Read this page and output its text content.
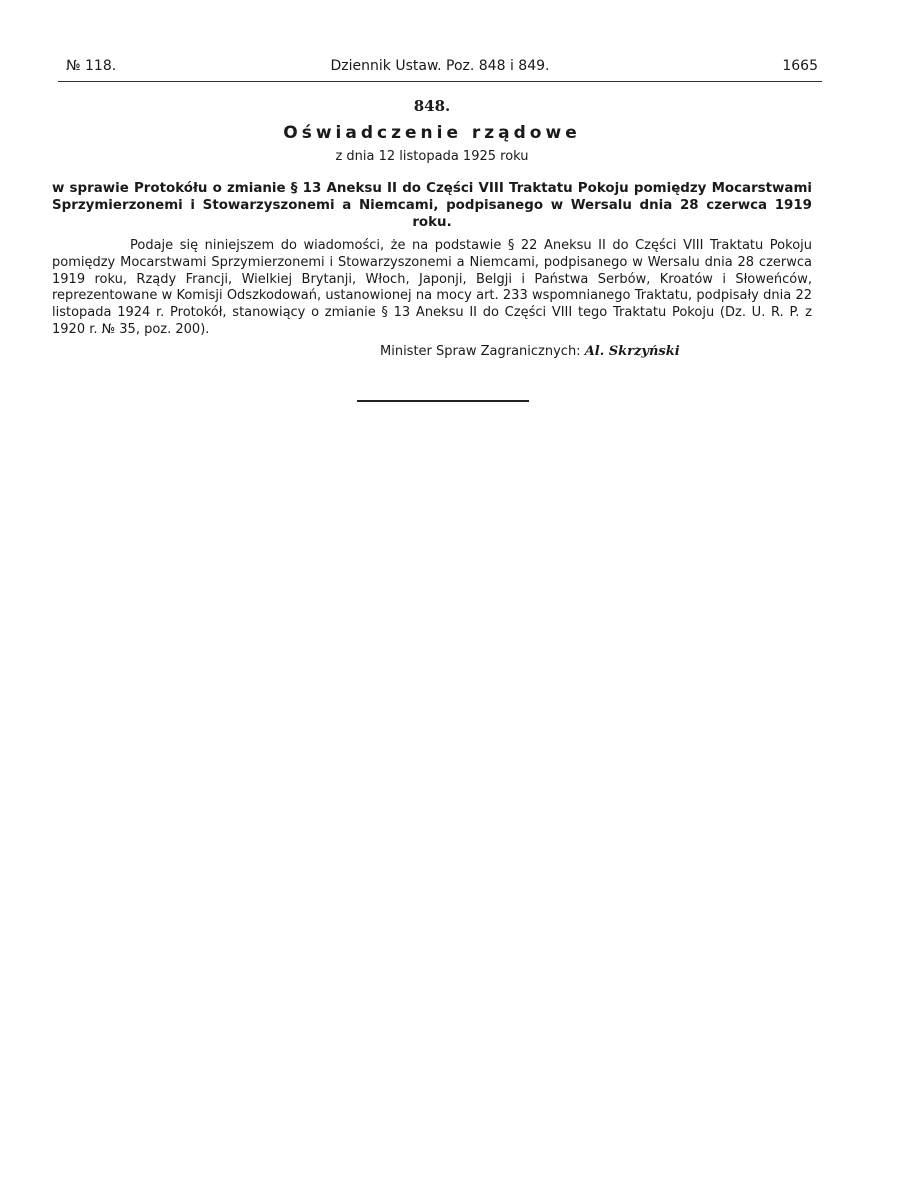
№ 118.	Dziennik Ustaw. Poz. 848 i 849.	1665

848.

Oświadczenie rządowe

z dnia 12 listopada 1925 roku

w sprawie Protokółu o zmianie § 13 Aneksu II do Części VIII Traktatu Pokoju pomiędzy Mocarstwami Sprzymierzonemi i Stowarzyszonemi a Niemcami, podpisanego w Wersalu dnia 28 czerwca 1919 roku.

Podaje się niniejszem do wiadomości, że na podstawie § 22 Aneksu II do Części VIII Traktatu Pokoju pomiędzy Mocarstwami Sprzymierzonemi i Stowarzyszonemi a Niemcami, podpisanego w Wersalu dnia 28 czerwca 1919 roku, Rządy Francji, Wielkiej Brytanji, Włoch, Japonji, Belgji i Państwa Serbów, Kroatów i Słoweńców, reprezentowane w Komisji Odszkodowań, ustanowionej na mocy art. 233 wspomnianego Traktatu, podpisały dnia 22 listopada 1924 r. Protokół, stanowiący o zmianie § 13 Aneksu II do Części VIII tego Traktatu Pokoju (Dz. U. R. P. z 1920 r. № 35, poz. 200).

Minister Spraw Zagranicznych: Al. Skrzyński
